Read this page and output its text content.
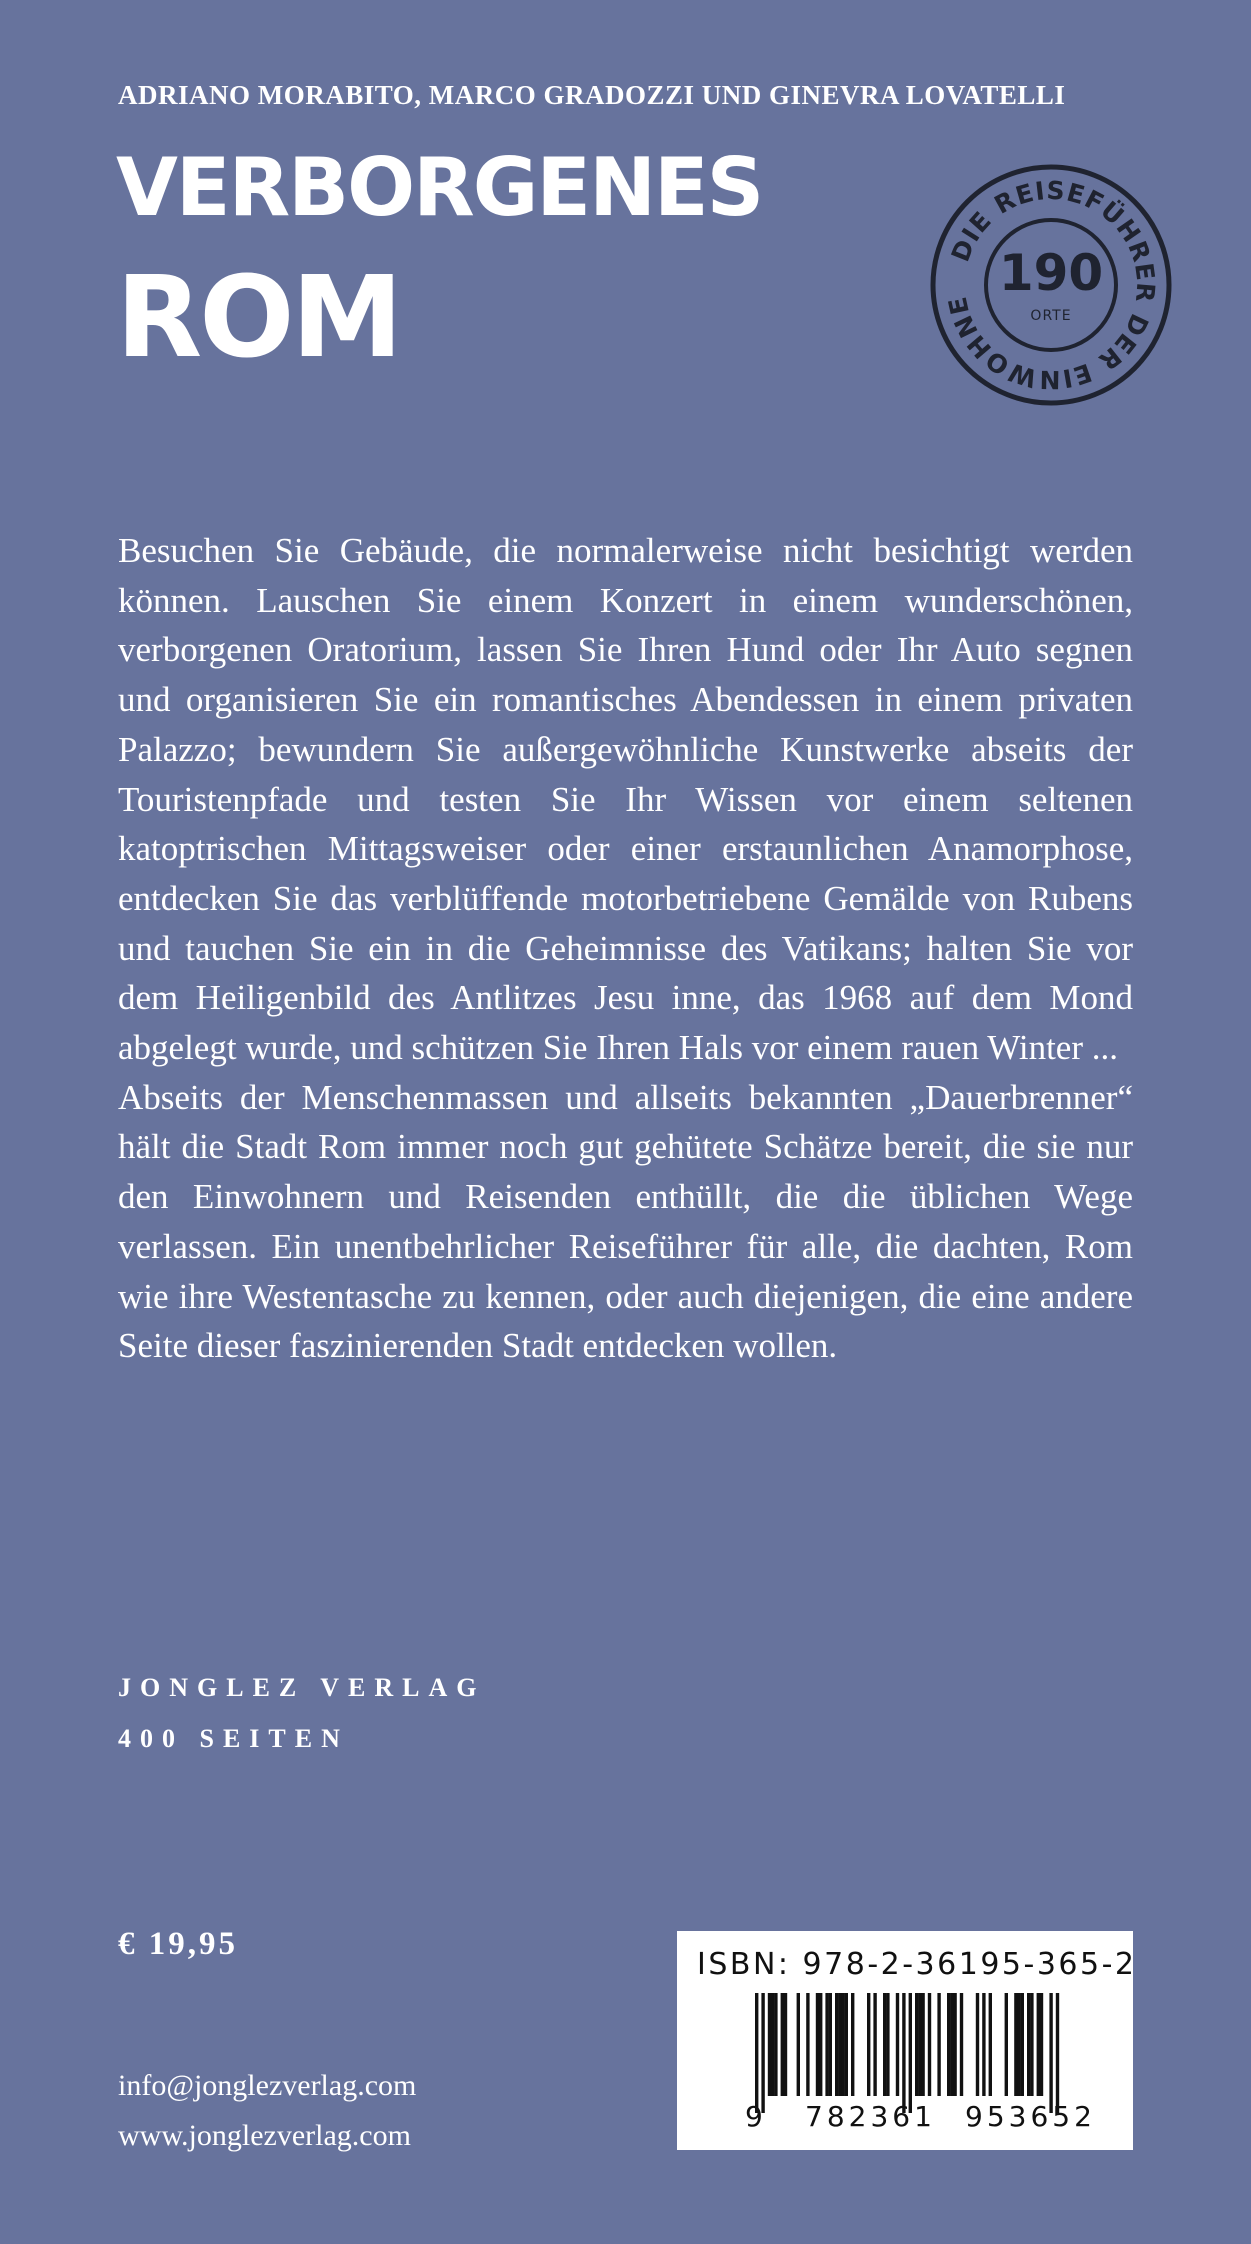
ADRIANO MORABITO, MARCO GRADOZZI UND GINEVRA LOVATELLI
VERBORGENES
ROM
DIE REISEFÜHRER DER EINWOHNE
190
ORTE

Besuchen Sie Gebäude, die normalerweise nicht besichtigt werden können. Lauschen Sie einem Konzert in einem wunderschönen, verborgenen Oratorium, lassen Sie Ihren Hund oder Ihr Auto segnen und organisieren Sie ein romantisches Abendessen in einem privaten Palazzo; bewundern Sie außergewöhnliche Kunstwerke abseits der Touristenpfade und testen Sie Ihr Wissen vor einem seltenen katoptrischen Mittagsweiser oder einer erstaunlichen Anamorphose, entdecken Sie das verblüffende motorbetriebene Gemälde von Rubens und tauchen Sie ein in die Geheimnisse des Vatikans; halten Sie vor dem Heiligenbild des Antlitzes Jesu inne, das 1968 auf dem Mond abgelegt wurde, und schützen Sie Ihren Hals vor einem rauen Winter ...

Abseits der Menschenmassen und allseits bekannten „Dauerbrenner“ hält die Stadt Rom immer noch gut gehütete Schätze bereit, die sie nur den Einwohnern und Reisenden enthüllt, die die üblichen Wege verlassen. Ein unentbehrlicher Reiseführer für alle, die dachten, Rom wie ihre Westentasche zu kennen, oder auch diejenigen, die eine andere Seite dieser faszinierenden Stadt entdecken wollen.

JONGLEZ VERLAG
400 SEITEN
€ 19,95
info@jonglezverlag.com
www.jonglezverlag.com
ISBN: 978-2-36195-365-2
9 782361 953652
